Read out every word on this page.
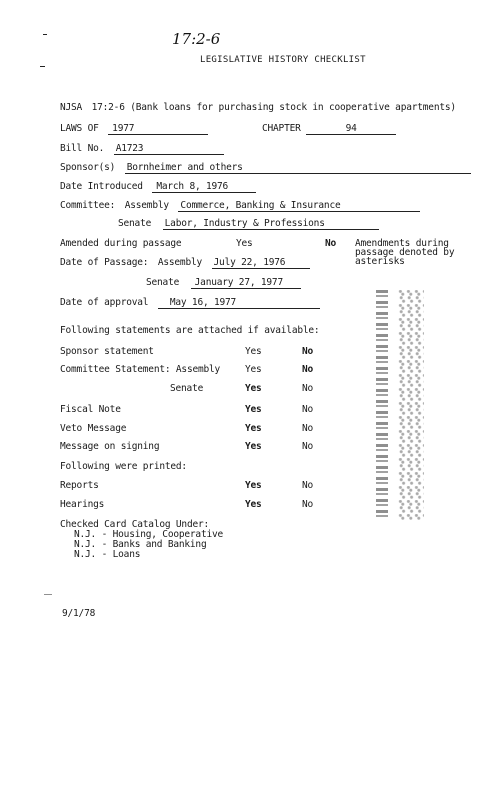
17:2-6
LEGISLATIVE HISTORY CHECKLIST
NJSA 17:2-6 (Bank loans for purchasing stock in cooperative apartments)
LAWS OF 1977	CHAPTER	94
Bill No. A1723
Sponsor(s) Bornheimer and others
Date Introduced March 8, 1976
Committee: Assembly Commerce, Banking & Insurance
Senate Labor, Industry & Professions
Amended during passage	Yes	No Amendments during
passage denoted by
asterisks
Date of Passage: Assembly July 22, 1976
Senate January 27, 1977
Date of approval May 16, 1977
Following statements are attached if available:
Sponsor statement	Yes	No
Committee Statement: Assembly	Yes	No
Senate	Yes	No
Fiscal Note	Yes	No
Veto Message	Yes	No
Message on signing	Yes	No
Following were printed:
Reports	Yes	No
Hearings	Yes	No
Checked Card Catalog Under:
N.J. - Housing, Cooperative
N.J. - Banks and Banking
N.J. - Loans
9/1/78
